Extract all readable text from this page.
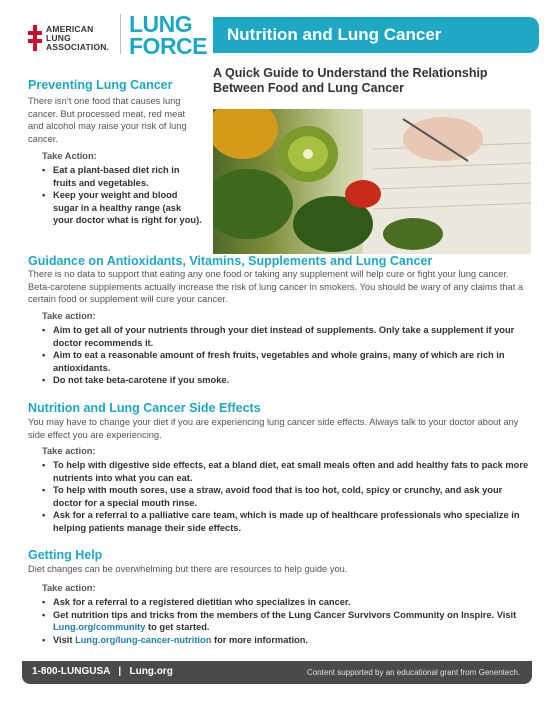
AMERICAN
LUNG
ASSOCIATION.
LUNG
FORCE Nutrition and Lung Cancer
A Quick Guide to Understand the Relationship Between Food and Lung Cancer
Preventing Lung Cancer

There isn’t one food that causes lung cancer. But processed meat, red meat and alcohol may raise your risk of lung cancer.

Take Action:
• Eat a plant-based diet rich in fruits and vegetables.
• Keep your weight and blood sugar in a healthy range (ask your doctor what is right for you).
Guidance on Antioxidants, Vitamins, Supplements and Lung Cancer

There is no data to support that eating any one food or taking any supplement will help cure or fight your lung cancer. Beta-carotene supplements actually increase the risk of lung cancer in smokers. You should be wary of any claims that a certain food or supplement will cure your cancer.

Take action:
• Aim to get all of your nutrients through your diet instead of supplements. Only take a supplement if your doctor recommends it.
• Aim to eat a reasonable amount of fresh fruits, vegetables and whole grains, many of which are rich in antioxidants.
• Do not take beta-carotene if you smoke.
Nutrition and Lung Cancer Side Effects

You may have to change your diet if you are experiencing lung cancer side effects. Always talk to your doctor about any side effect you are experiencing.

Take action:
• To help with digestive side effects, eat a bland diet, eat small meals often and add healthy fats to pack more nutrients into what you can eat.
• To help with mouth sores, use a straw, avoid food that is too hot, cold, spicy or crunchy, and ask your doctor for a special mouth rinse.
• Ask for a referral to a palliative care team, which is made up of healthcare professionals who specialize in helping patients manage their side effects.
Getting Help

Diet changes can be overwhelming but there are resources to help guide you.

Take action:
• Ask for a referral to a registered dietitian who specializes in cancer.
• Get nutrition tips and tricks from the members of the Lung Cancer Survivors Community on Inspire. Visit Lung.org/community to get started.
• Visit Lung.org/lung-cancer-nutrition for more information.
1-800-LUNGUSA | Lung.org	Content supported by an educational grant from Genentech.
